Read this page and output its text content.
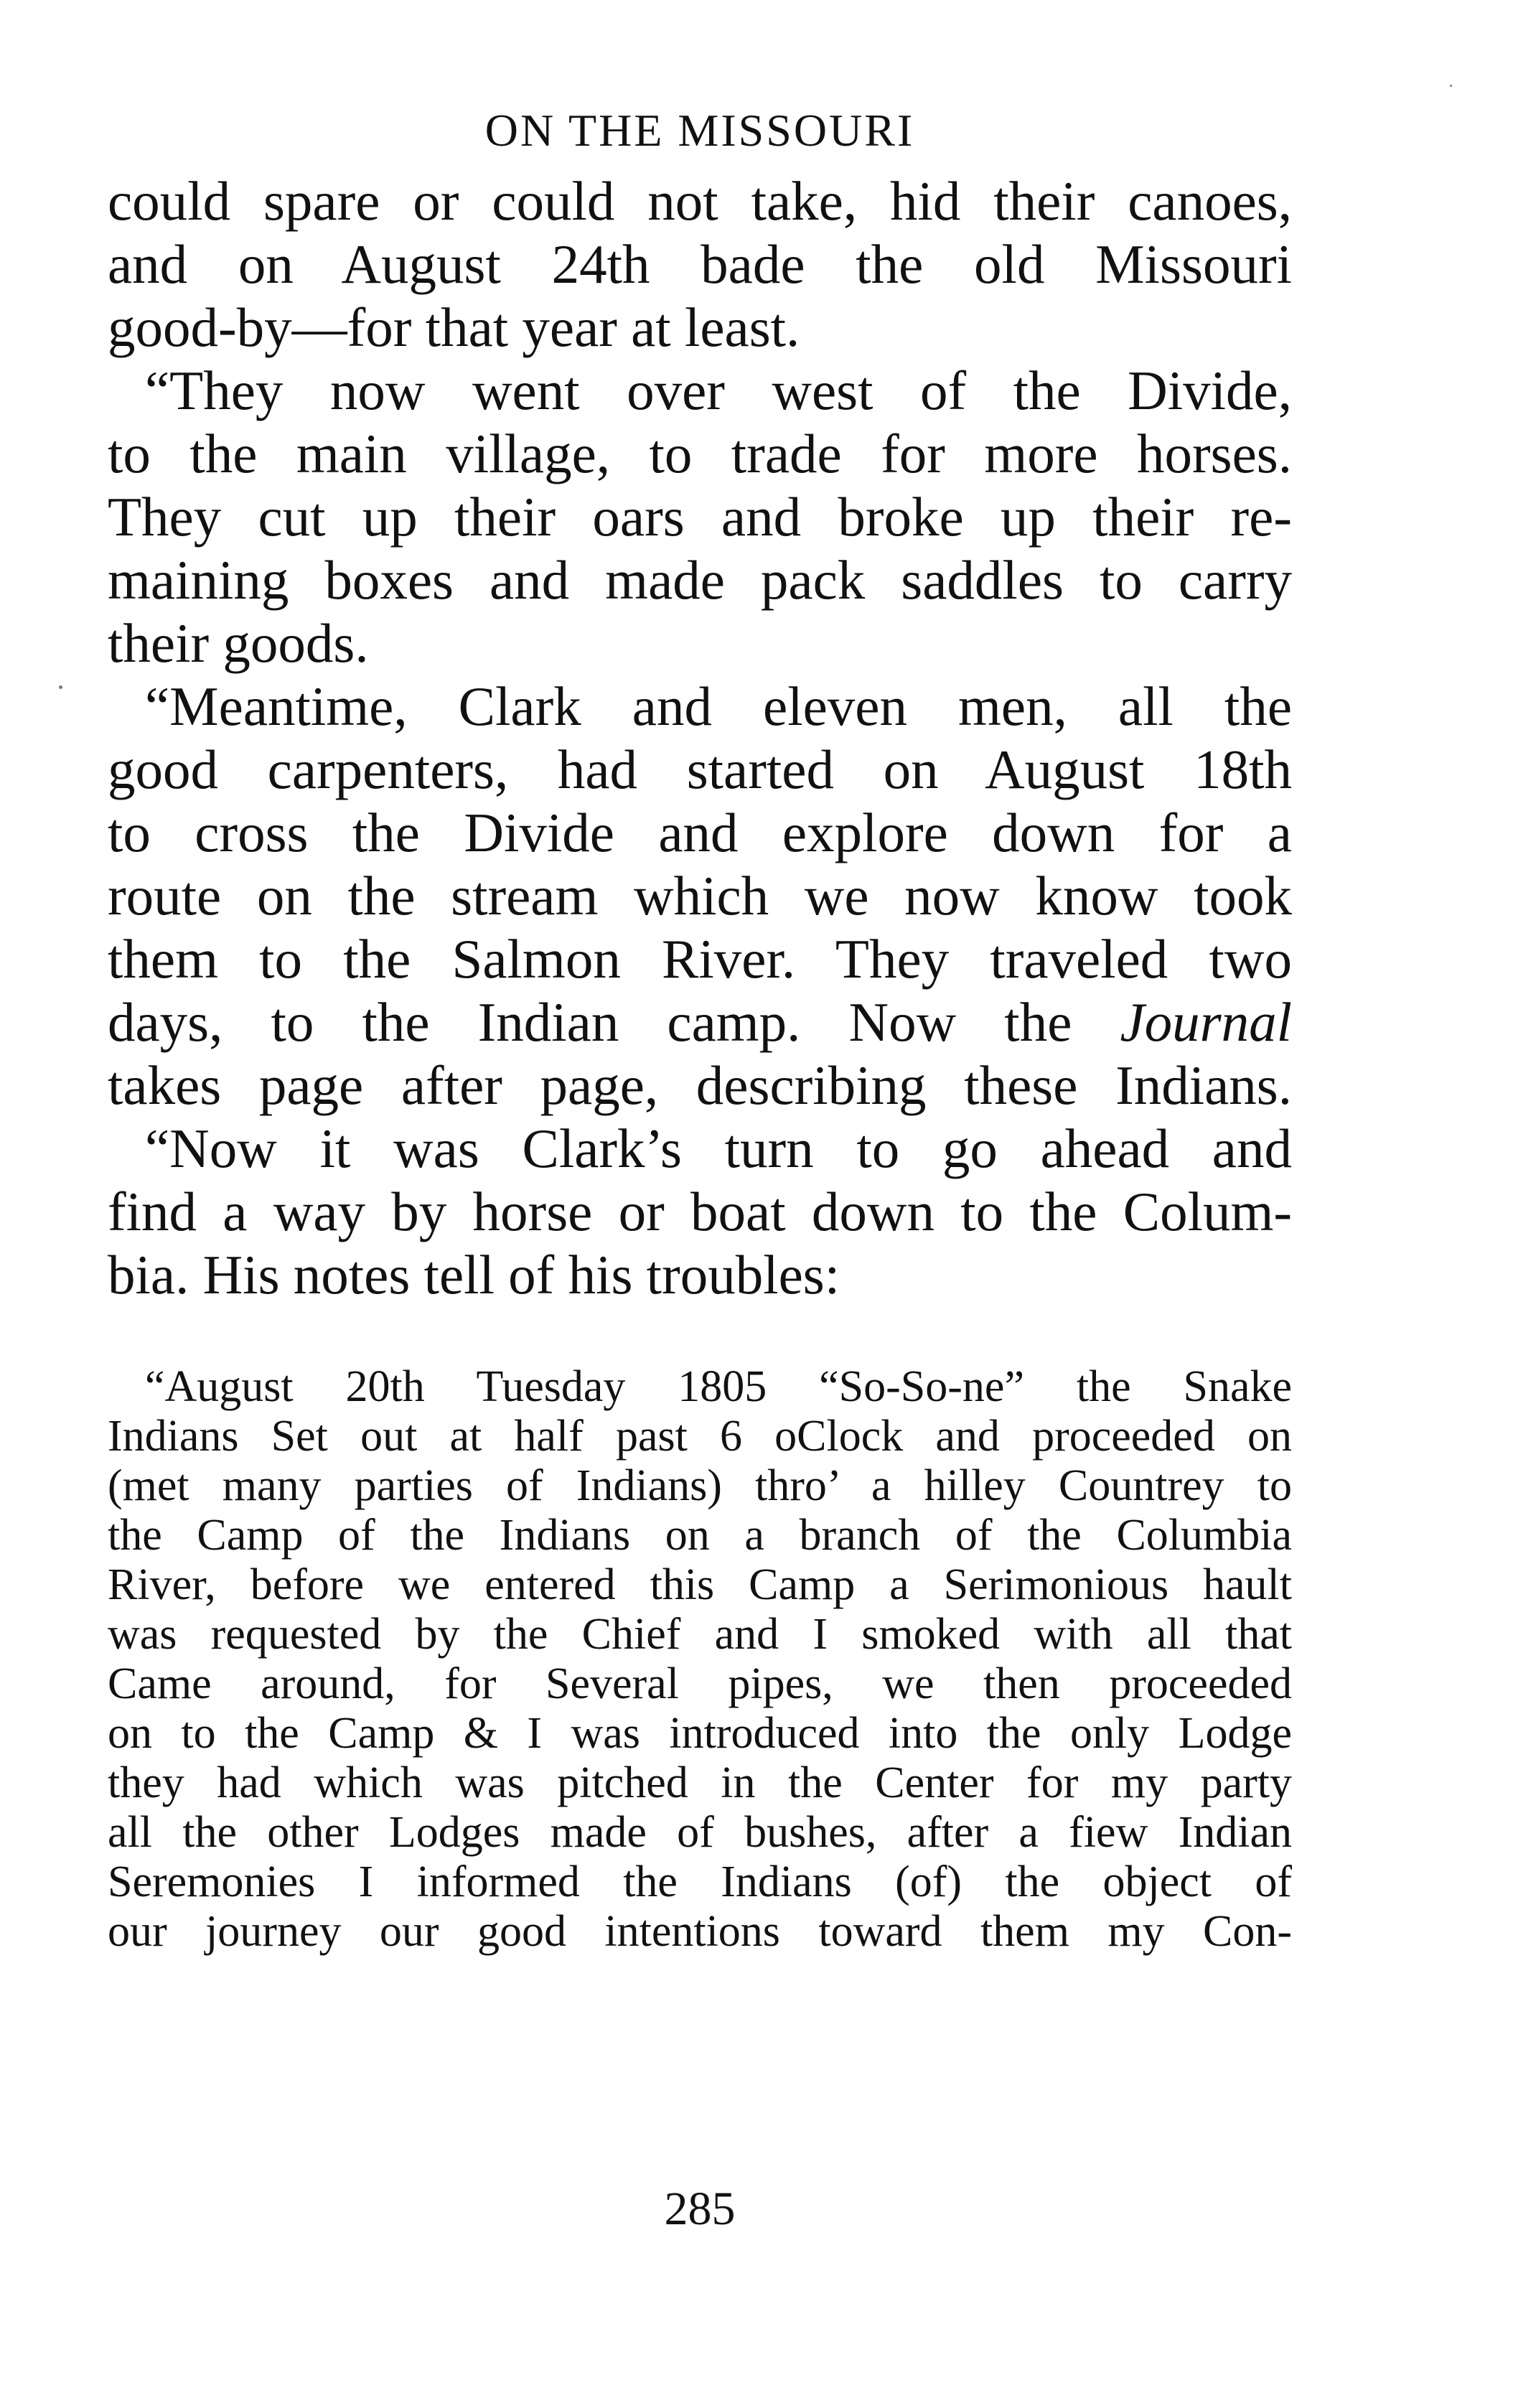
ON THE MISSOURI
could spare or could not take, hid their canoes,
and on August 24th bade the old Missouri
good-by—for that year at least.
“They now went over west of the Divide,
to the main village, to trade for more horses.
They cut up their oars and broke up their re-
maining boxes and made pack saddles to carry
their goods.
“Meantime, Clark and eleven men, all the
good carpenters, had started on August 18th
to cross the Divide and explore down for a
route on the stream which we now know took
them to the Salmon River. They traveled two
days, to the Indian camp. Now the Journal
takes page after page, describing these Indians.
“Now it was Clark’s turn to go ahead and
find a way by horse or boat down to the Colum-
bia. His notes tell of his troubles:
“August 20th Tuesday 1805 “So-So-ne” the Snake
Indians Set out at half past 6 oClock and proceeded on
(met many parties of Indians) thro’ a hilley Countrey to
the Camp of the Indians on a branch of the Columbia
River, before we entered this Camp a Serimonious hault
was requested by the Chief and I smoked with all that
Came around, for Several pipes, we then proceeded
on to the Camp & I was introduced into the only Lodge
they had which was pitched in the Center for my party
all the other Lodges made of bushes, after a fiew Indian
Seremonies I informed the Indians (of) the object of
our journey our good intentions toward them my Con-
285
